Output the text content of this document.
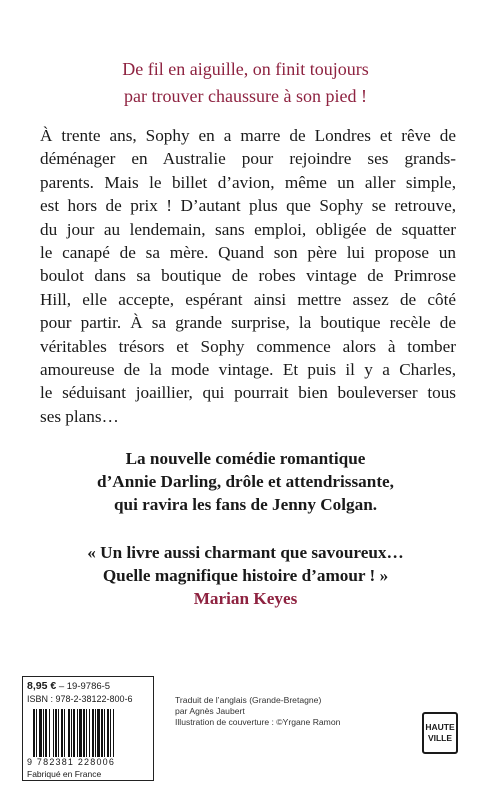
De fil en aiguille, on finit toujours
par trouver chaussure à son pied !
À trente ans, Sophy en a marre de Londres et rêve de
déménager en Australie pour rejoindre ses grands-
parents. Mais le billet d’avion, même un aller simple,
est hors de prix ! D’autant plus que Sophy se retrouve,
du jour au lendemain, sans emploi, obligée de squatter
le canapé de sa mère. Quand son père lui propose un
boulot dans sa boutique de robes vintage de Primrose
Hill, elle accepte, espérant ainsi mettre assez de côté
pour partir. À sa grande surprise, la boutique recèle de
véritables trésors et Sophy commence alors à tomber
amoureuse de la mode vintage. Et puis il y a Charles,
le séduisant joaillier, qui pourrait bien bouleverser tous
ses plans…
La nouvelle comédie romantique
d’Annie Darling, drôle et attendrissante,
qui ravira les fans de Jenny Colgan.
« Un livre aussi charmant que savoureux…
Quelle magnifique histoire d’amour ! »
Marian Keyes
8,95 € – 19-9786-5
ISBN : 978-2-38122-800-6
9 782381 228006
Fabriqué en France
Traduit de l’anglais (Grande-Bretagne)
par Agnès Jaubert
Illustration de couverture : ©Yrgane Ramon	HAUTE
VILLE
